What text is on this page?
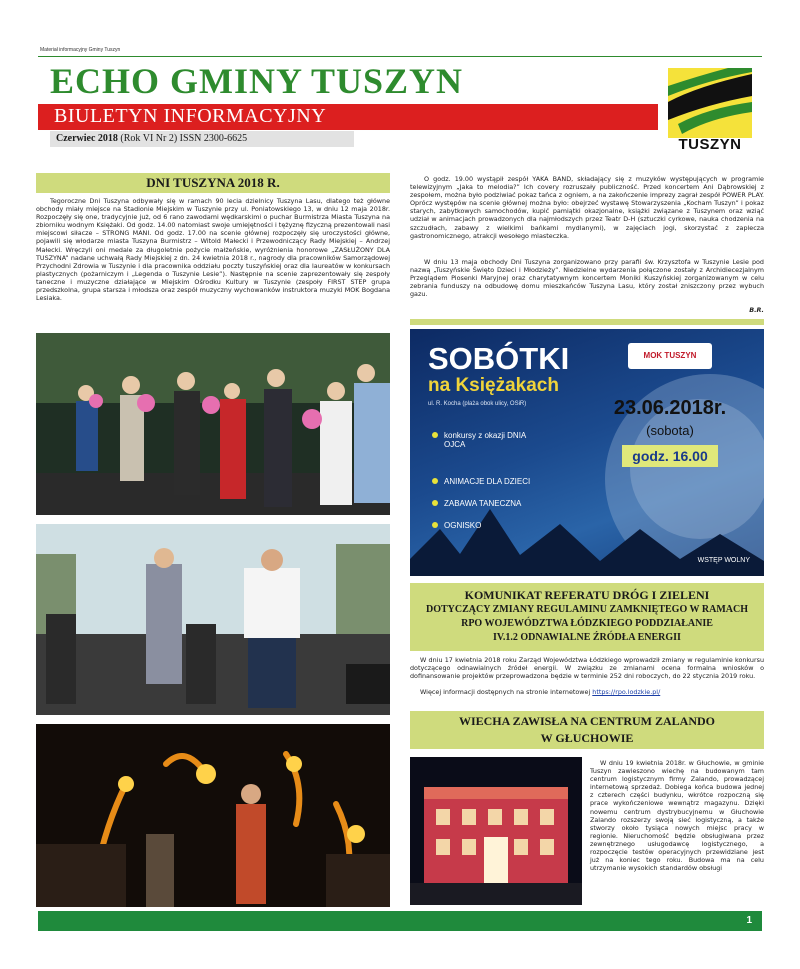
Materiał informacyjny Gminy Tuszyn
ECHO GMINY TUSZYN
BIULETYN INFORMACYJNY
Czerwiec 2018 (Rok VI Nr 2) ISSN 2300-6625	TUSZYN
DNI TUSZYNA 2018 R.
Tegoroczne Dni Tuszyna odbywały się w ramach 90 lecia dzielnicy Tuszyna Lasu, dlatego też główne obchody miały miejsce na Stadionie Miejskim w Tuszynie przy ul. Poniatowskiego 13, w dniu 12 maja 2018r. Rozpoczęły się one, tradycyjnie już, od 6 rano zawodami wędkarskimi o puchar Burmistrza Miasta Tuszyna na zbiorniku wodnym Księżaki. Od godz. 14.00 natomiast swoje umiejętności i tężyznę fizyczną prezentowali nasi miejscowi siłacze – STRONG MANI. Od godz. 17.00 na scenie głównej rozpoczęły się uroczystości główne, pojawili się włodarze miasta Tuszyna Burmistrz – Witold Małecki i Przewodniczący Rady Miejskiej – Andrzej Małecki. Wręczyli oni medale za długoletnie pożycie małżeńskie, wyróżnienia honorowe „ZASŁUŻONY DLA TUSZYNA” nadane uchwałą Rady Miejskiej z dn. 24 kwietnia 2018 r., nagrody dla pracowników Samorządowej Przychodni Zdrowia w Tuszynie i dla pracownika oddziału poczty tuszyńskiej oraz dla laureatów w konkursach plastycznych (pożarniczym i „Legenda o Tuszynie Lesie”). Następnie na scenie zaprezentowały się zespoły taneczne i muzyczne działające w Miejskim Ośrodku Kultury w Tuszynie (zespoły FIRST STEP grupa przedszkolna, grupa starsza i młodsza oraz zespół muzyczny wychowanków instruktora muzyki MOK Bogdana Lesiaka.
O godz. 19.00 wystąpił zespół YAKA BAND, składający się z muzyków występujących w programie telewizyjnym „Jaka to melodia?” Ich covery rozruszały publiczność. Przed koncertem Ani Dąbrowskiej z zespołem, można było podziwiać pokaz tańca z ogniem, a na zakończenie imprezy zagrał zespół POWER PLAY. Oprócz występów na scenie głównej można było: obejrzeć wystawę Stowarzyszenia „Kocham Tuszyn” i pokaz starych, zabytkowych samochodów, kupić pamiątki okazjonalne, książki związane z Tuszynem oraz wziąć udział w animacjach prowadzonych dla najmłodszych przez Teatr D-H (sztuczki cyrkowe, nauka chodzenia na szczudłach, zabawy z wielkimi bańkami mydlanymi), w zajęciach jogi, skorzystać z zaplecza gastronomicznego, atrakcji wesołego miasteczka.
W dniu 13 maja obchody Dni Tuszyna zorganizowano przy parafii św. Krzysztofa w Tuszynie Lesie pod nazwą „Tuszyńskie Święto Dzieci i Młodzieży”. Niedzielne wydarzenia połączone zostały z Archidiecezjalnym Przeglądem Piosenki Maryjnej oraz charytatywnym koncertem Moniki Kuszyńskiej zorganizowanym w celu zebrania funduszy na odbudowę domu mieszkańców Tuszyna Lasu, który został zniszczony przez wybuch gazu.
B.R.
SOBÓTKI
na Księżakach
ul. R. Kocha (plaża obok ulicy, OSiR)
MOK TUSZYN
23.06.2018r.
(sobota)
godz. 16.00
konkursy z okazji DNIA OJCA
ANIMACJE DLA DZIECI
ZABAWA TANECZNA
OGNISKO
WSTĘP WOLNY
KOMUNIKAT REFERATU DRÓG I ZIELENI
DOTYCZĄCY ZMIANY REGULAMINU ZAMKNIĘTEGO W RAMACH
RPO WOJEWÓDZTWA ŁÓDZKIEGO PODDZIAŁANIE
IV.1.2 ODNAWIALNE ŹRÓDŁA ENERGII
W dniu 17 kwietnia 2018 roku Zarząd Województwa Łódzkiego wprowadził zmiany w regulaminie konkursu dotyczącego odnawialnych źródeł energii. W związku ze zmianami ocena formalna wniosków o dofinansowanie projektów przeprowadzona będzie w terminie 252 dni roboczych, do 22 stycznia 2019 roku.
Więcej informacji dostępnych na stronie internetowej https://rpo.lodzkie.pl/
WIECHA ZAWISŁA NA CENTRUM ZALANDO
W GŁUCHOWIE
W dniu 19 kwietnia 2018r. w Głuchowie, w gminie Tuszyn zawieszono wiechę na budowanym tam centrum logistycznym firmy Zalando, prowadzącej internetową sprzedaż. Dobiega końca budowa jednej z czterech części budynku, wkrótce rozpoczną się prace wykończeniowe wewnątrz magazynu. Dzięki nowemu centrum dystrybucyjnemu w Głuchowie Zalando rozszerzy swoją sieć logistyczną, a także stworzy około tysiąca nowych miejsc pracy w regionie. Nieruchomość będzie obsługiwana przez zewnętrznego usługodawcę logistycznego, a rozpoczęcie testów operacyjnych przewidziane jest już na koniec tego roku. Budowa ma na celu utrzymanie wysokich standardów obsługi
1
